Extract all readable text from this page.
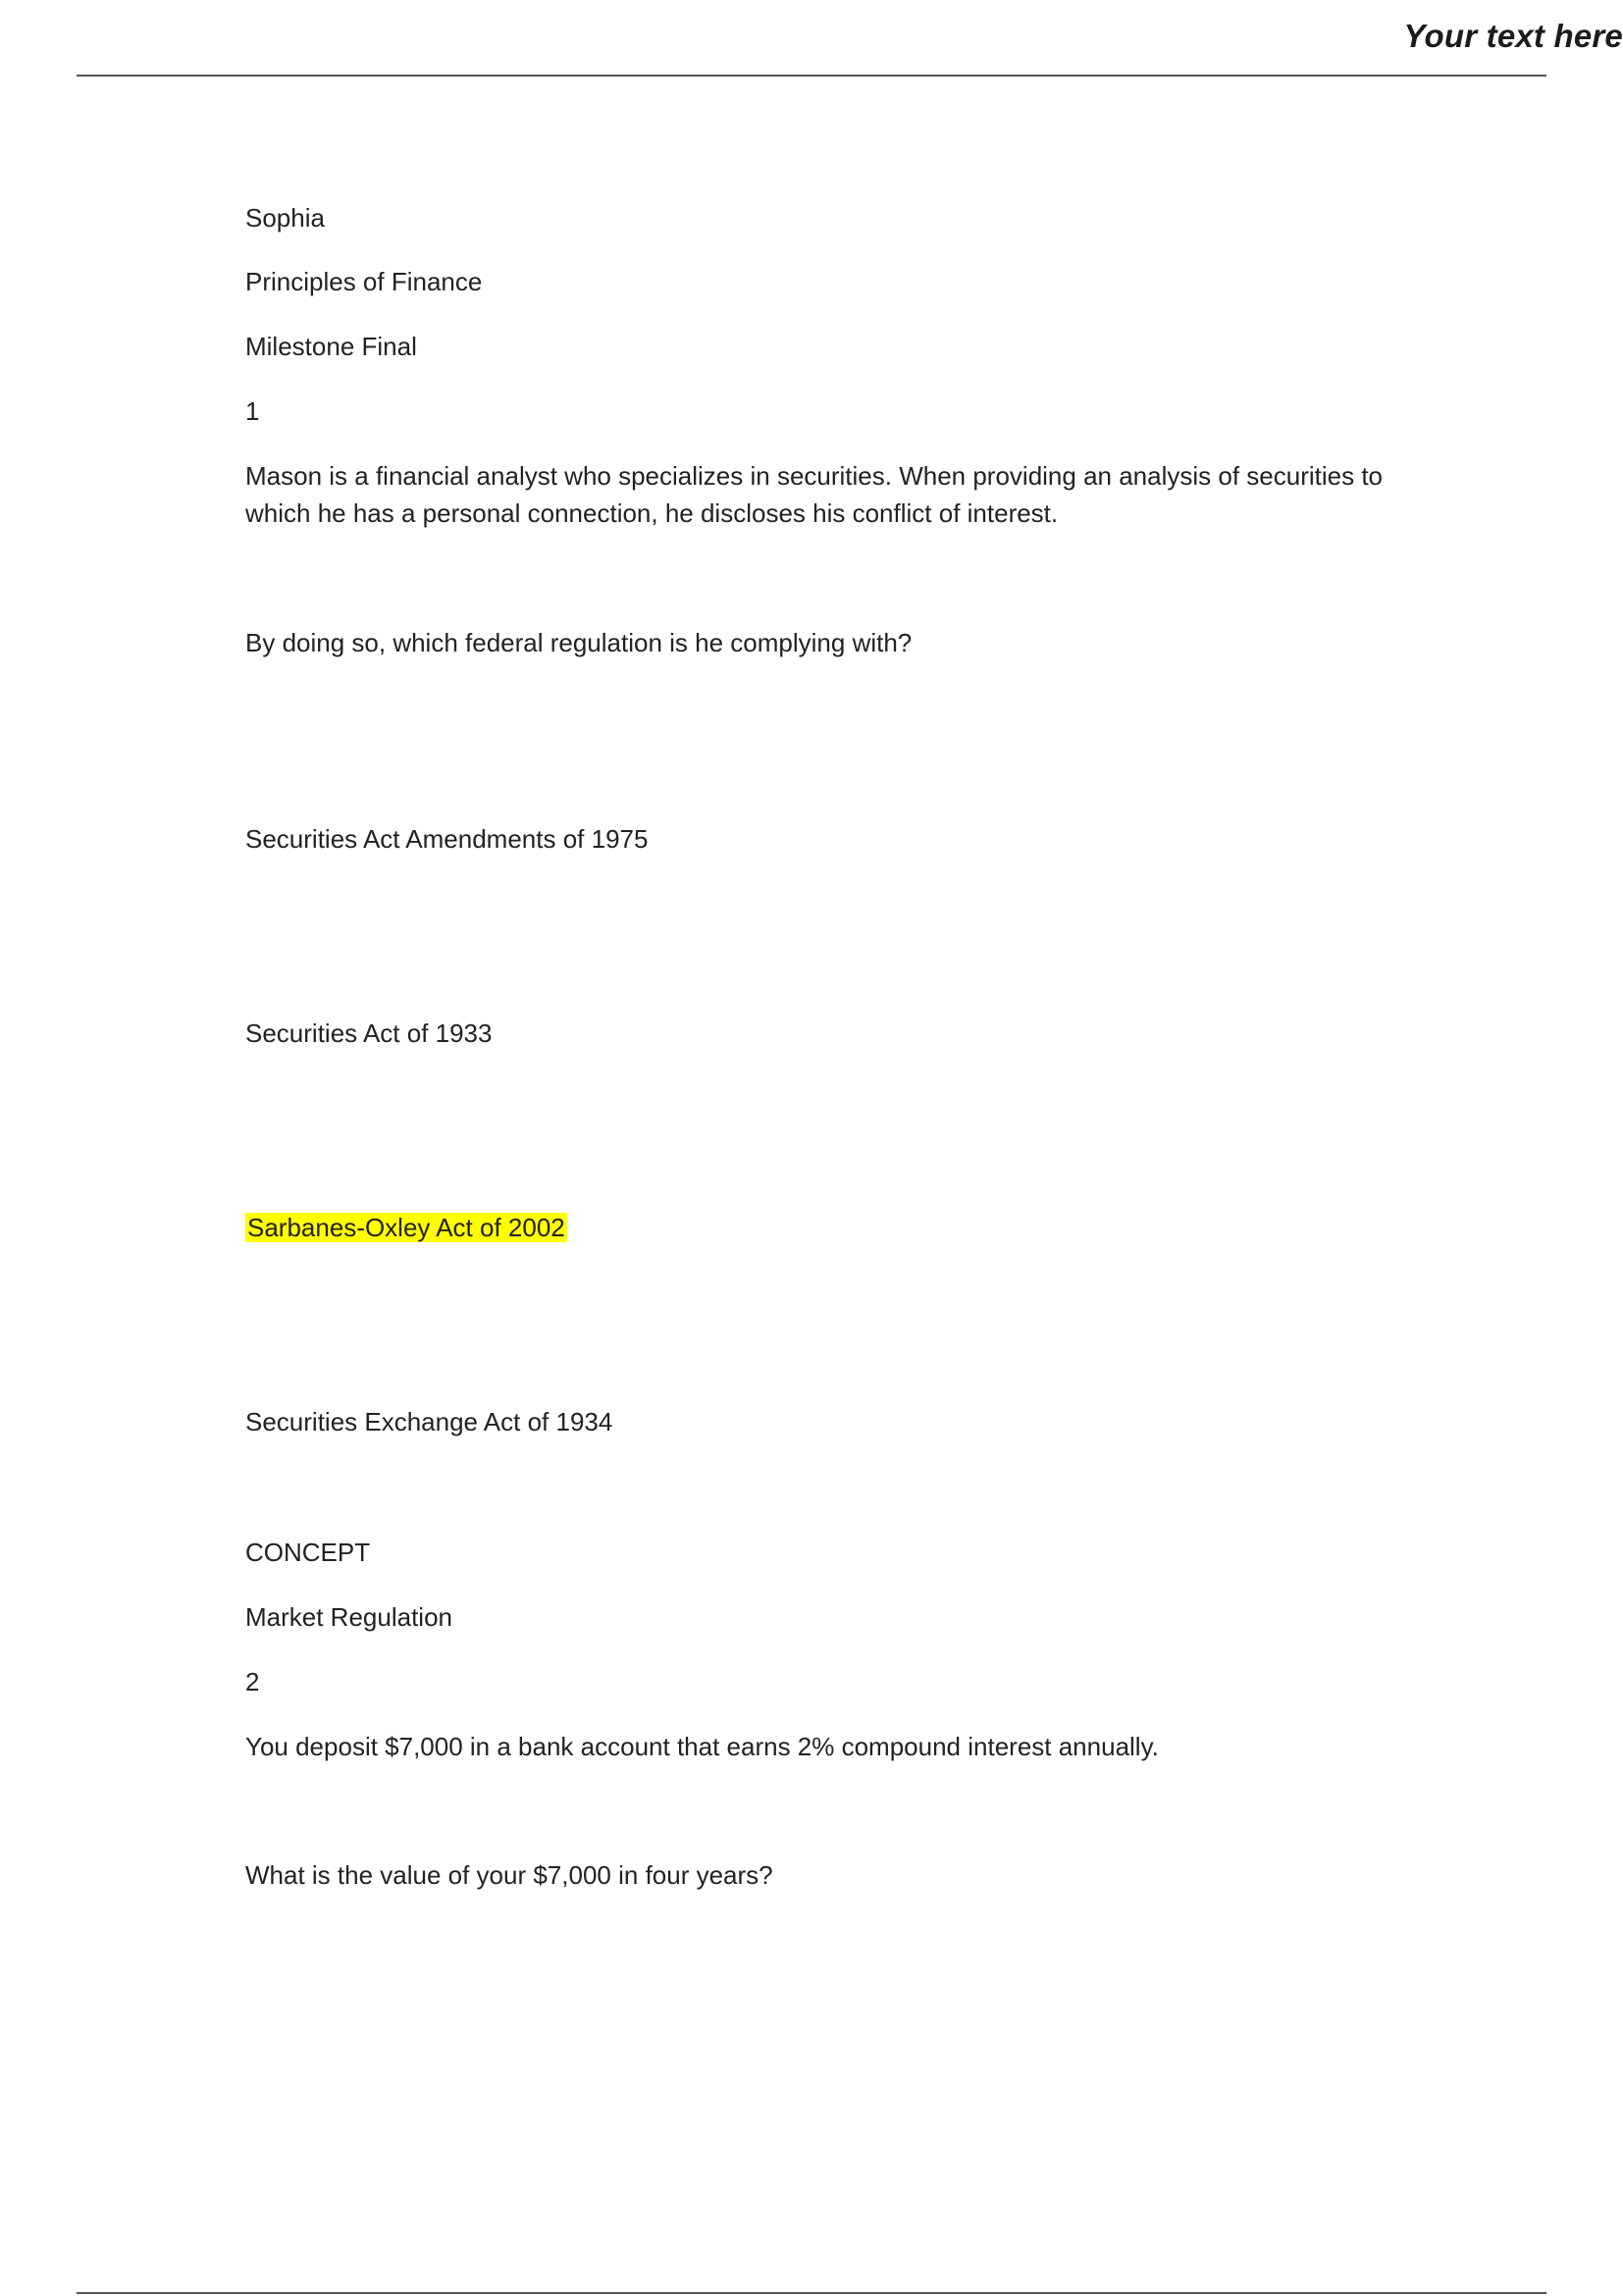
Your text here
Sophia
Principles of Finance
Milestone Final
1
Mason is a financial analyst who specializes in securities. When providing an analysis of securities to which he has a personal connection, he discloses his conflict of interest.
By doing so, which federal regulation is he complying with?
Securities Act Amendments of 1975
Securities Act of 1933
Sarbanes-Oxley Act of 2002
Securities Exchange Act of 1934
CONCEPT
Market Regulation
2
You deposit $7,000 in a bank account that earns 2% compound interest annually.
What is the value of your $7,000 in four years?
